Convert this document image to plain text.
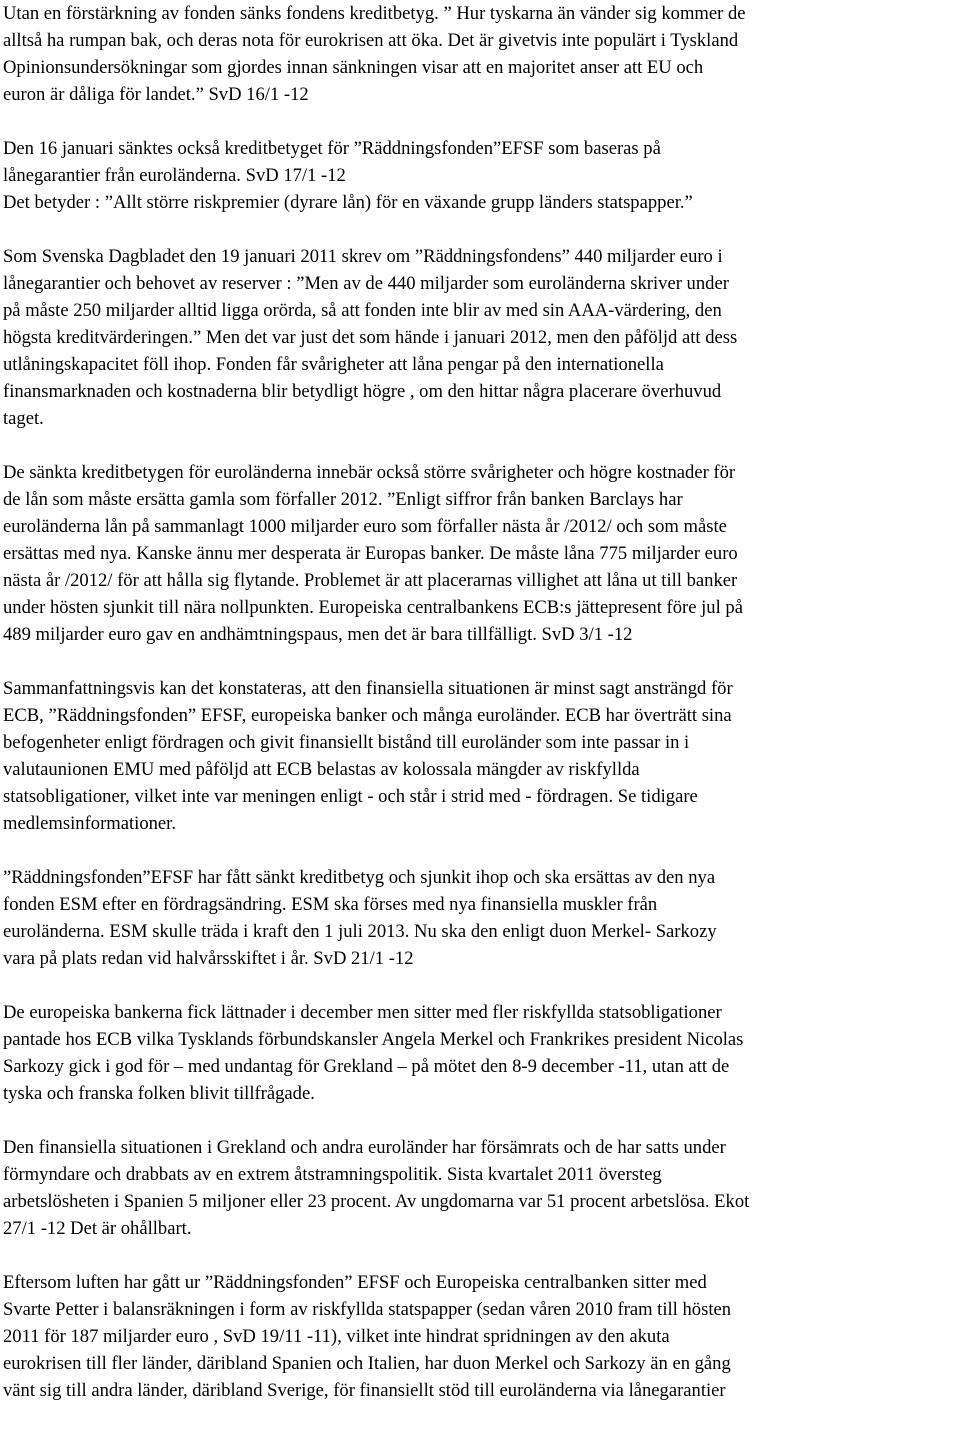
Utan en förstärkning av fonden sänks fondens kreditbetyg. ” Hur tyskarna än vänder sig kommer de
alltså ha rumpan bak, och deras nota för eurokrisen att öka. Det är givetvis inte populärt i Tyskland
Opinionsundersökningar som gjordes innan sänkningen visar att en majoritet anser att EU och
euron är dåliga för landet.” SvD 16/1 -12

Den 16 januari sänktes också kreditbetyget för ”Räddningsfonden”EFSF som baseras på
lånegarantier från euroländerna. SvD 17/1 -12
Det betyder : ”Allt större riskpremier (dyrare lån) för en växande grupp länders statspapper.”

Som Svenska Dagbladet den 19 januari 2011 skrev om ”Räddningsfondens” 440 miljarder euro i
lånegarantier och behovet av reserver : ”Men av de 440 miljarder som euroländerna skriver under
på måste 250 miljarder alltid ligga orörda, så att fonden inte blir av med sin AAA-värdering, den
högsta kreditvärderingen.” Men det var just det som hände i januari 2012, men den påföljd att dess
utlåningskapacitet föll ihop. Fonden får svårigheter att låna pengar på den internationella
finansmarknaden och kostnaderna blir betydligt högre , om den hittar några placerare överhuvud
taget.

De sänkta kreditbetygen för euroländerna innebär också större svårigheter och högre kostnader för
de lån som måste ersätta gamla som förfaller 2012. ”Enligt siffror från banken Barclays har
euroländerna lån på sammanlagt 1000 miljarder euro som förfaller nästa år /2012/ och som måste
ersättas med nya. Kanske ännu mer desperata är Europas banker. De måste låna 775 miljarder euro
nästa år /2012/ för att hålla sig flytande. Problemet är att placerarnas villighet att låna ut till banker
under hösten sjunkit till nära nollpunkten. Europeiska centralbankens ECB:s jättepresent före jul på
489 miljarder euro gav en andhämtningspaus, men det är bara tillfälligt. SvD 3/1 -12

Sammanfattningsvis kan det konstateras, att den finansiella situationen är minst sagt ansträngd för
ECB, ”Räddningsfonden” EFSF, europeiska banker och många euroländer. ECB har överträtt sina
befogenheter enligt fördragen och givit finansiellt bistånd till euroländer som inte passar in i
valutaunionen EMU med påföljd att ECB belastas av kolossala mängder av riskfyllda
statsobligationer, vilket inte var meningen enligt - och står i strid med - fördragen. Se tidigare
medlemsinformationer.

”Räddningsfonden”EFSF har fått sänkt kreditbetyg och sjunkit ihop och ska ersättas av den nya
fonden ESM efter en fördragsändring. ESM ska förses med nya finansiella muskler från
euroländerna. ESM skulle träda i kraft den 1 juli 2013. Nu ska den enligt duon Merkel- Sarkozy
vara på plats redan vid halvårsskiftet i år. SvD 21/1 -12

De europeiska bankerna fick lättnader i december men sitter med fler riskfyllda statsobligationer
pantade hos ECB vilka Tysklands förbundskansler Angela Merkel och Frankrikes president Nicolas
Sarkozy gick i god för – med undantag för Grekland – på mötet den 8-9 december -11, utan att de
tyska och franska folken blivit tillfrågade.

Den finansiella situationen i Grekland och andra euroländer har försämrats och de har satts under
förmyndare och drabbats av en extrem åtstramningspolitik. Sista kvartalet 2011 översteg
arbetslösheten i Spanien 5 miljoner eller 23 procent. Av ungdomarna var 51 procent arbetslösa. Ekot
27/1 -12 Det är ohållbart.

Eftersom luften har gått ur ”Räddningsfonden” EFSF och Europeiska centralbanken sitter med
Svarte Petter i balansräkningen i form av riskfyllda statspapper (sedan våren 2010 fram till hösten
2011 för 187 miljarder euro , SvD 19/11 -11), vilket inte hindrat spridningen av den akuta
eurokrisen till fler länder, däribland Spanien och Italien, har duon Merkel och Sarkozy än en gång
vänt sig till andra länder, däribland Sverige, för finansiellt stöd till euroländerna via lånegarantier
